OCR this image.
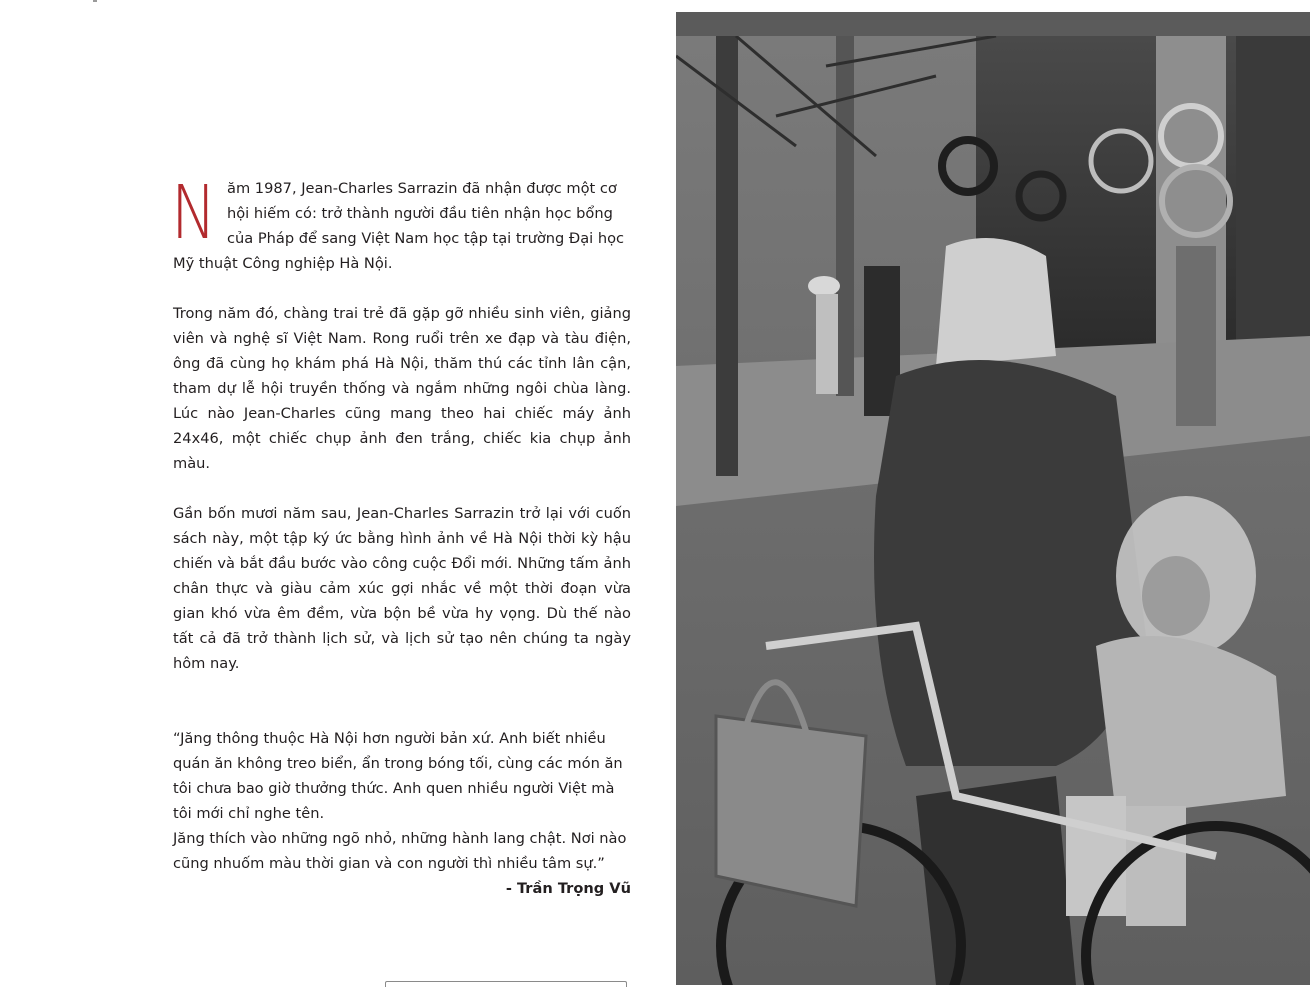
Năm 1987, Jean-Charles Sarrazin đã nhận được một cơ hội hiếm có: trở thành người đầu tiên nhận học bổng của Pháp để sang Việt Nam học tập tại trường Đại học Mỹ thuật Công nghiệp Hà Nội.

Trong năm đó, chàng trai trẻ đã gặp gỡ nhiều sinh viên, giảng viên và nghệ sĩ Việt Nam. Rong ruổi trên xe đạp và tàu điện, ông đã cùng họ khám phá Hà Nội, thăm thú các tỉnh lân cận, tham dự lễ hội truyền thống và ngắm những ngôi chùa làng. Lúc nào Jean-Charles cũng mang theo hai chiếc máy ảnh 24x46, một chiếc chụp ảnh đen trắng, chiếc kia chụp ảnh màu.

Gần bốn mươi năm sau, Jean-Charles Sarrazin trở lại với cuốn sách này, một tập ký ức bằng hình ảnh về Hà Nội thời kỳ hậu chiến và bắt đầu bước vào công cuộc Đổi mới. Những tấm ảnh chân thực và giàu cảm xúc gợi nhắc về một thời đoạn vừa gian khó vừa êm đềm, vừa bộn bề vừa hy vọng. Dù thế nào tất cả đã trở thành lịch sử, và lịch sử tạo nên chúng ta ngày hôm nay.

“Jăng thông thuộc Hà Nội hơn người bản xứ. Anh biết nhiều quán ăn không treo biển, ẩn trong bóng tối, cùng các món ăn tôi chưa bao giờ thưởng thức. Anh quen nhiều người Việt mà tôi mới chỉ nghe tên.

Jăng thích vào những ngõ nhỏ, những hành lang chật. Nơi nào cũng nhuốm màu thời gian và con người thì nhiều tâm sự.”

- Trần Trọng Vũ
